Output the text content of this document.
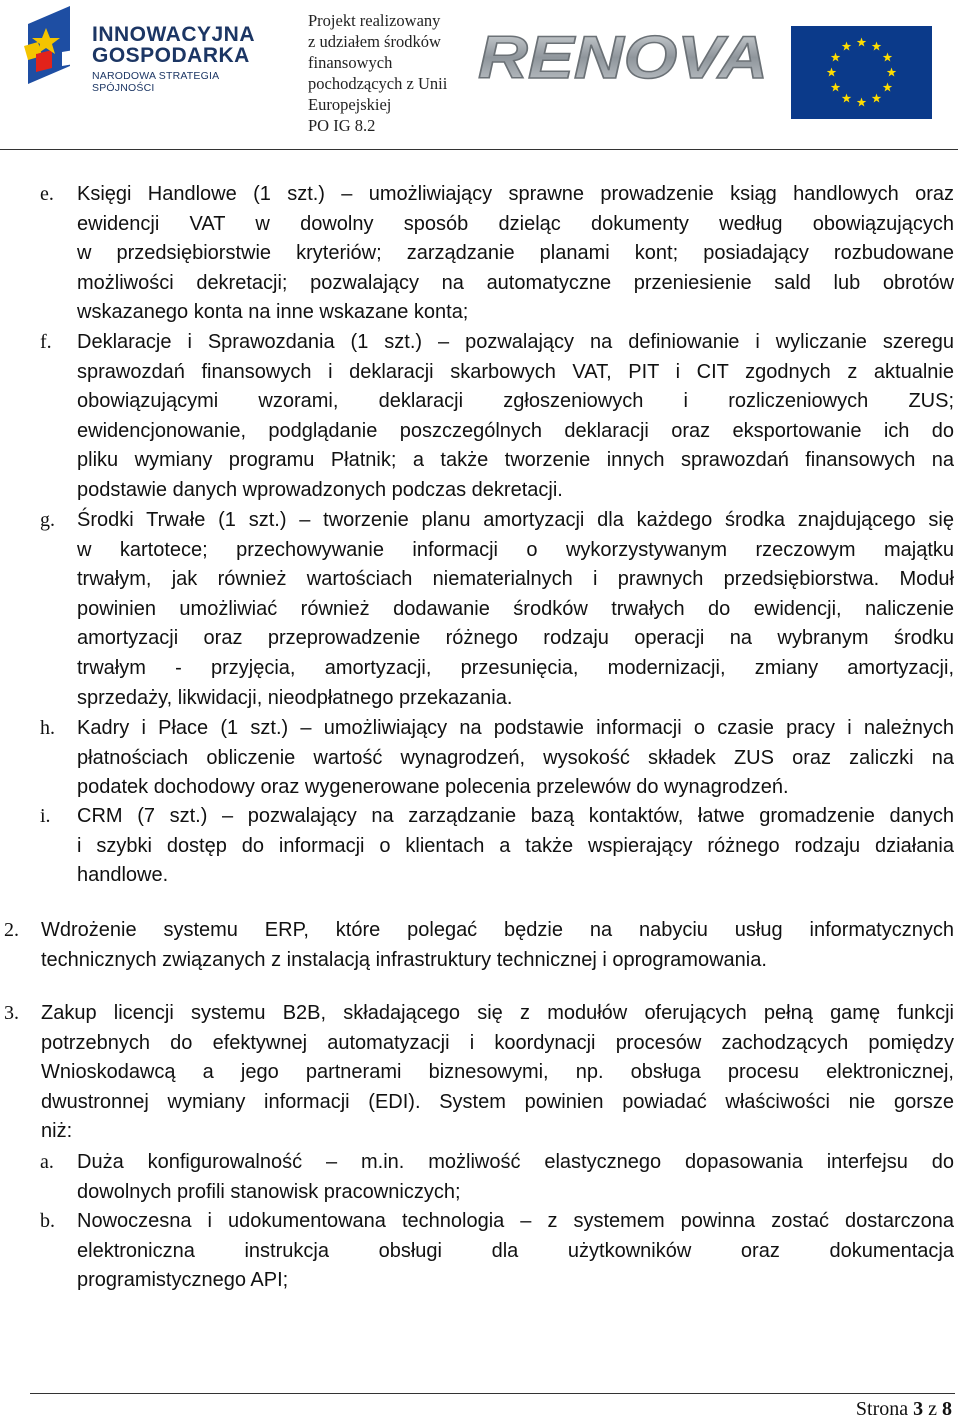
INNOWACYJNA
GOSPODARKA
NARODOWA STRATEGIA SPÓJNOŚCI
Projekt realizowany
z udziałem środków
finansowych
pochodzących z Unii
Europejskiej
PO IG 8.2
RENOVA
e. Księgi Handlowe (1 szt.) – umożliwiający sprawne prowadzenie ksiąg handlowych oraz
ewidencji VAT w dowolny sposób dzieląc dokumenty według obowiązujących
w przedsiębiorstwie kryteriów; zarządzanie planami kont; posiadający rozbudowane
możliwości dekretacji; pozwalający na automatyczne przeniesienie sald lub obrotów
wskazanego konta na inne wskazane konta;
f. Deklaracje i Sprawozdania (1 szt.) – pozwalający na definiowanie i wyliczanie szeregu
sprawozdań finansowych i deklaracji skarbowych VAT, PIT i CIT zgodnych z aktualnie
obowiązującymi wzorami, deklaracji zgłoszeniowych i rozliczeniowych ZUS;
ewidencjonowanie, podglądanie poszczególnych deklaracji oraz eksportowanie ich do
pliku wymiany programu Płatnik; a także tworzenie innych sprawozdań finansowych na
podstawie danych wprowadzonych podczas dekretacji.
g. Środki Trwałe (1 szt.) – tworzenie planu amortyzacji dla każdego środka znajdującego się
w kartotece; przechowywanie informacji o wykorzystywanym rzeczowym majątku
trwałym, jak również wartościach niematerialnych i prawnych przedsiębiorstwa. Moduł
powinien umożliwiać również dodawanie środków trwałych do ewidencji, naliczenie
amortyzacji oraz przeprowadzenie różnego rodzaju operacji na wybranym środku
trwałym - przyjęcia, amortyzacji, przesunięcia, modernizacji, zmiany amortyzacji,
sprzedaży, likwidacji, nieodpłatnego przekazania.
h. Kadry i Płace (1 szt.) – umożliwiający na podstawie informacji o czasie pracy i należnych
płatnościach obliczenie wartość wynagrodzeń, wysokość składek ZUS oraz zaliczki na
podatek dochodowy oraz wygenerowane polecenia przelewów do wynagrodzeń.
i. CRM (7 szt.) – pozwalający na zarządzanie bazą kontaktów, łatwe gromadzenie danych
i szybki dostęp do informacji o klientach a także wspierający różnego rodzaju działania
handlowe.
2. Wdrożenie systemu ERP, które polegać będzie na nabyciu usług informatycznych
technicznych związanych z instalacją infrastruktury technicznej i oprogramowania.
3. Zakup licencji systemu B2B, składającego się z modułów oferujących pełną gamę funkcji
potrzebnych do efektywnej automatyzacji i koordynacji procesów zachodzących pomiędzy
Wnioskodawcą a jego partnerami biznesowymi, np. obsługa procesu elektronicznej,
dwustronnej wymiany informacji (EDI). System powinien powiadać właściwości nie gorsze
niż:
a. Duża konfigurowalność – m.in. możliwość elastycznego dopasowania interfejsu do
dowolnych profili stanowisk pracowniczych;
b. Nowoczesna i udokumentowana technologia – z systemem powinna zostać dostarczona
elektroniczna instrukcja obsługi dla użytkowników oraz dokumentacja
programistycznego API;
Strona 3 z 8
